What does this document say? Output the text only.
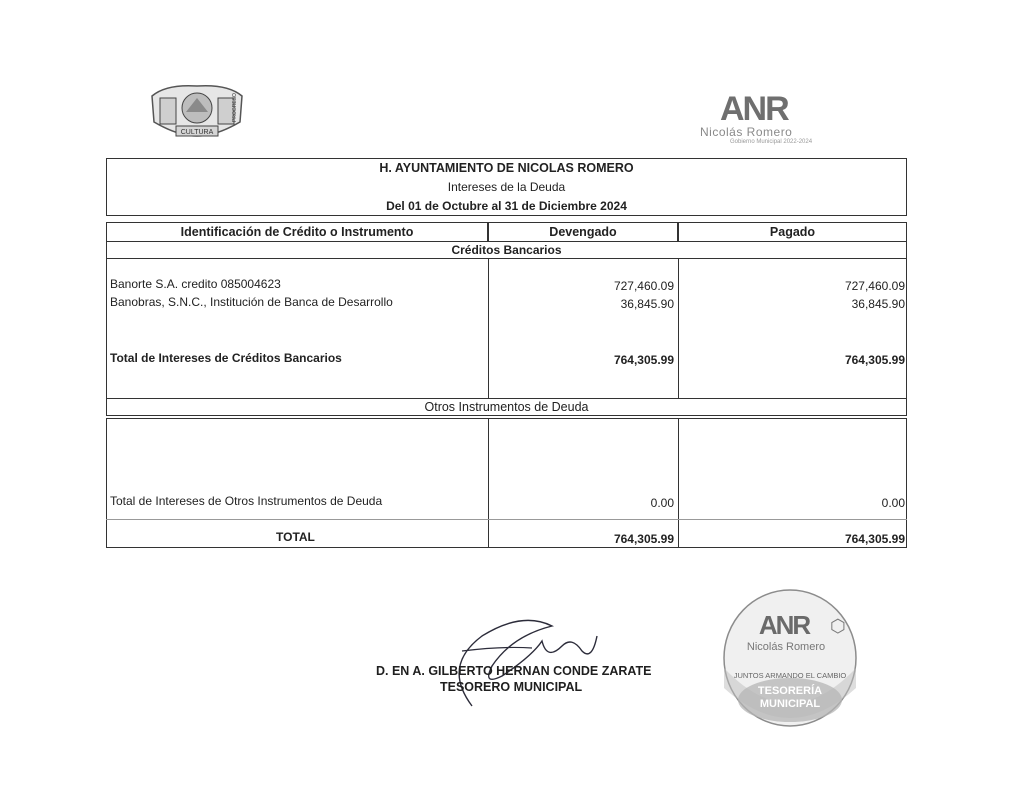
CULTURA
PROGRESO	ANR
Nicolás Romero
Gobierno Municipal 2022-2024
H. AYUNTAMIENTO DE NICOLAS ROMERO
Intereses de la Deuda
Del 01 de Octubre al 31 de Diciembre 2024
Identificación de Crédito o Instrumento	Devengado	Pagado
Créditos Bancarios
Banorte S.A. credito 085004623	727,460.09	727,460.09
Banobras, S.N.C., Institución de Banca de Desarrollo	36,845.90	36,845.90
Total de Intereses de Créditos Bancarios	764,305.99	764,305.99
Otros Instrumentos de Deuda
Total de Intereses de Otros Instrumentos de Deuda	0.00	0.00
TOTAL	764,305.99	764,305.99
D. EN A. GILBERTO HERNAN CONDE ZARATE
TESORERO MUNICIPAL
ANR ⬡
Nicolás Romero
JUNTOS ARMANDO EL CAMBIO
TESORERÍA
MUNICIPAL
